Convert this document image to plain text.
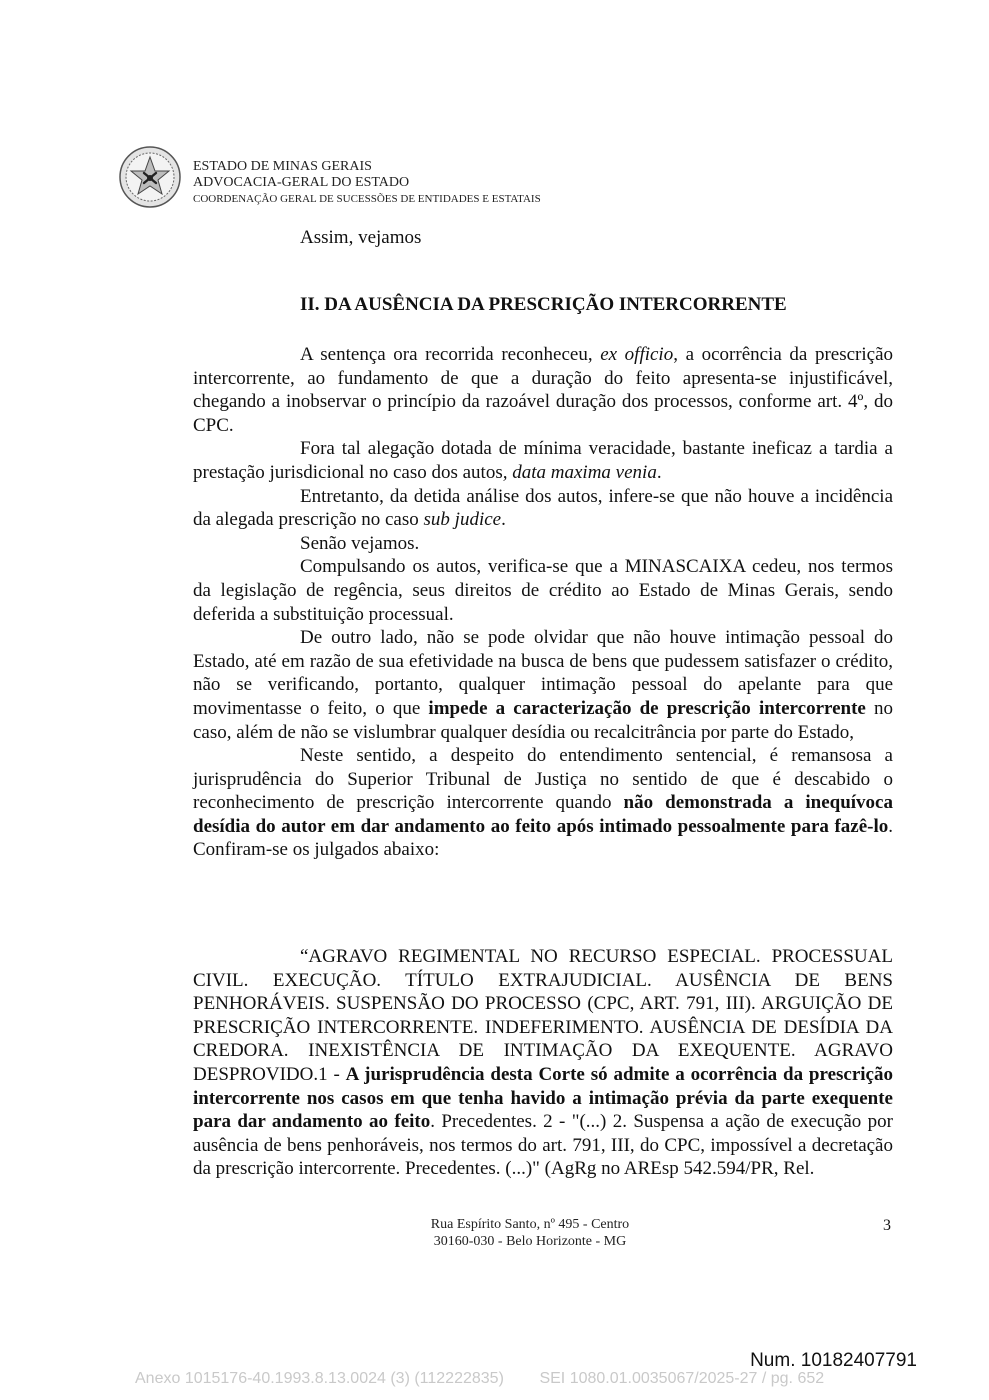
ESTADO DE MINAS GERAIS
ADVOCACIA-GERAL DO ESTADO
COORDENAÇÃO GERAL DE SUCESSÕES DE ENTIDADES E ESTATAIS

Assim, vejamos

II. DA AUSÊNCIA DA PRESCRIÇÃO INTERCORRENTE

A sentença ora recorrida reconheceu, ex officio, a ocorrência da prescrição intercorrente, ao fundamento de que a duração do feito apresenta-se injustificável, chegando a inobservar o princípio da razoável duração dos processos, conforme art. 4º, do CPC.

Fora tal alegação dotada de mínima veracidade, bastante ineficaz a tardia a prestação jurisdicional no caso dos autos, data maxima venia.

Entretanto, da detida análise dos autos, infere-se que não houve a incidência da alegada prescrição no caso sub judice.

Senão vejamos.

Compulsando os autos, verifica-se que a MINASCAIXA cedeu, nos termos da legislação de regência, seus direitos de crédito ao Estado de Minas Gerais, sendo deferida a substituição processual.

De outro lado, não se pode olvidar que não houve intimação pessoal do Estado, até em razão de sua efetividade na busca de bens que pudessem satisfazer o crédito, não se verificando, portanto, qualquer intimação pessoal do apelante para que movimentasse o feito, o que impede a caracterização de prescrição intercorrente no caso, além de não se vislumbrar qualquer desídia ou recalcitrância por parte do Estado,

Neste sentido, a despeito do entendimento sentencial, é remansosa a jurisprudência do Superior Tribunal de Justiça no sentido de que é descabido o reconhecimento de prescrição intercorrente quando não demonstrada a inequívoca desídia do autor em dar andamento ao feito após intimado pessoalmente para fazê-lo. Confiram-se os julgados abaixo:

“AGRAVO REGIMENTAL NO RECURSO ESPECIAL. PROCESSUAL CIVIL. EXECUÇÃO. TÍTULO EXTRAJUDICIAL. AUSÊNCIA DE BENS PENHORÁVEIS. SUSPENSÃO DO PROCESSO (CPC, ART. 791, III). ARGUIÇÃO DE PRESCRIÇÃO INTERCORRENTE. INDEFERIMENTO. AUSÊNCIA DE DESÍDIA DA CREDORA. INEXISTÊNCIA DE INTIMAÇÃO DA EXEQUENTE. AGRAVO DESPROVIDO.1 - A jurisprudência desta Corte só admite a ocorrência da prescrição intercorrente nos casos em que tenha havido a intimação prévia da parte exequente para dar andamento ao feito. Precedentes. 2 - "(...) 2. Suspensa a ação de execução por ausência de bens penhoráveis, nos termos do art. 791, III, do CPC, impossível a decretação da prescrição intercorrente. Precedentes. (...)" (AgRg no AREsp 542.594/PR, Rel.

Rua Espírito Santo, nº 495 - Centro
30160-030 - Belo Horizonte - MG
3
Num. 10182407791
Anexo 1015176-40.1993.8.13.0024 (3) (112222835)        SEI 1080.01.0035067/2025-27 / pg. 652
